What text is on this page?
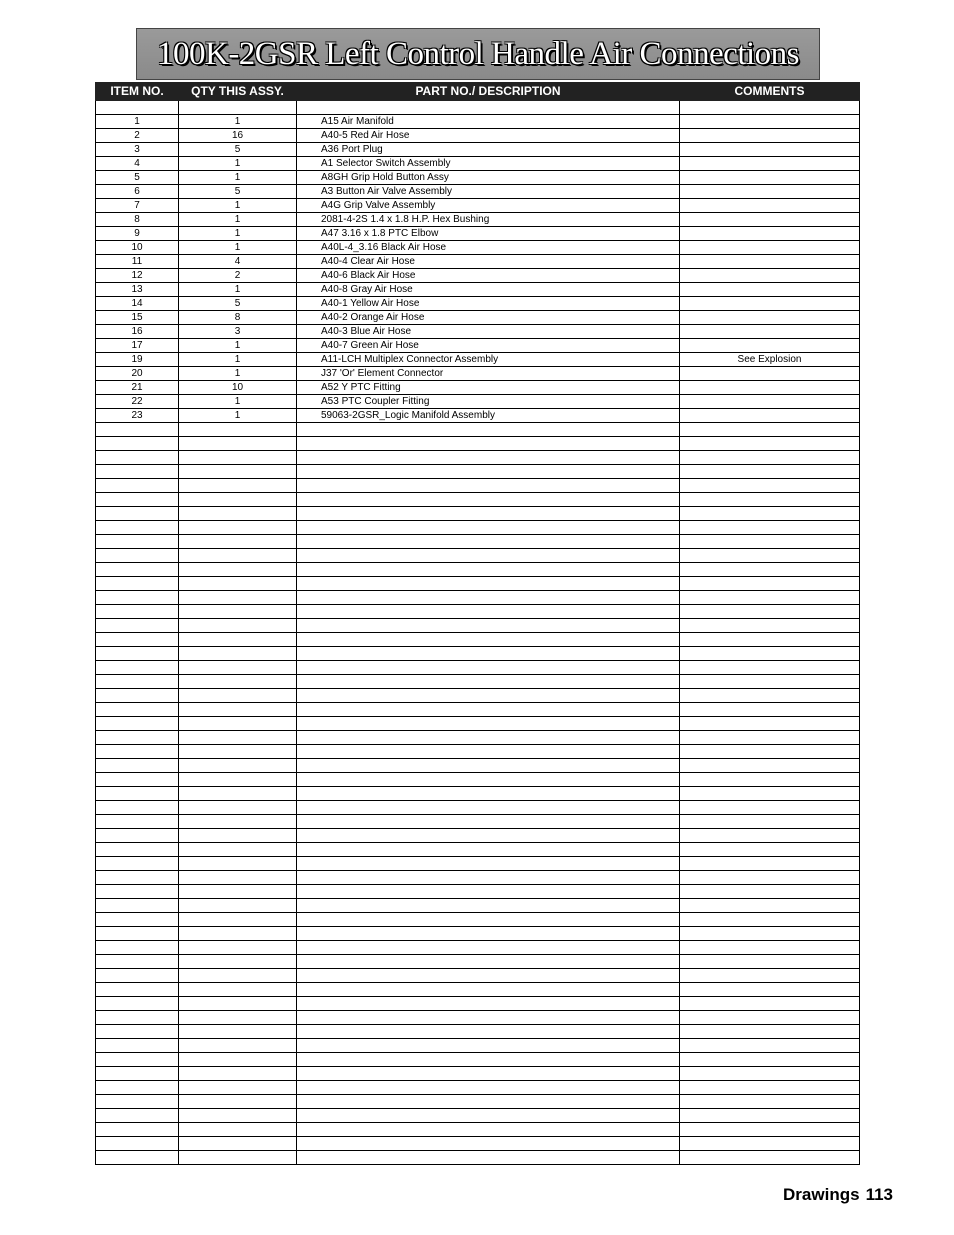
100K-2GSR Left Control Handle Air Connections
ITEM NO.	QTY THIS ASSY.	PART NO./ DESCRIPTION	COMMENTS

1	1	A15 Air Manifold	
2	16	A40-5 Red Air Hose	
3	5	A36 Port Plug	
4	1	A1 Selector Switch Assembly	
5	1	A8GH Grip Hold Button Assy	
6	5	A3 Button Air Valve Assembly	
7	1	A4G Grip Valve Assembly	
8	1	2081-4-2S 1.4 x 1.8 H.P. Hex Bushing	
9	1	A47 3.16 x 1.8 PTC Elbow	
10	1	A40L-4_3.16 Black Air Hose	
11	4	A40-4 Clear Air Hose	
12	2	A40-6 Black Air Hose	
13	1	A40-8 Gray Air Hose	
14	5	A40-1 Yellow Air Hose	
15	8	A40-2 Orange Air Hose	
16	3	A40-3 Blue Air Hose	
17	1	A40-7 Green Air Hose	
19	1	A11-LCH Multiplex Connector Assembly	See Explosion
20	1	J37 'Or' Element Connector	
21	10	A52 Y PTC Fitting	
22	1	A53 PTC Coupler Fitting	
23	1	59063-2GSR_Logic Manifold Assembly	

Drawings 113
